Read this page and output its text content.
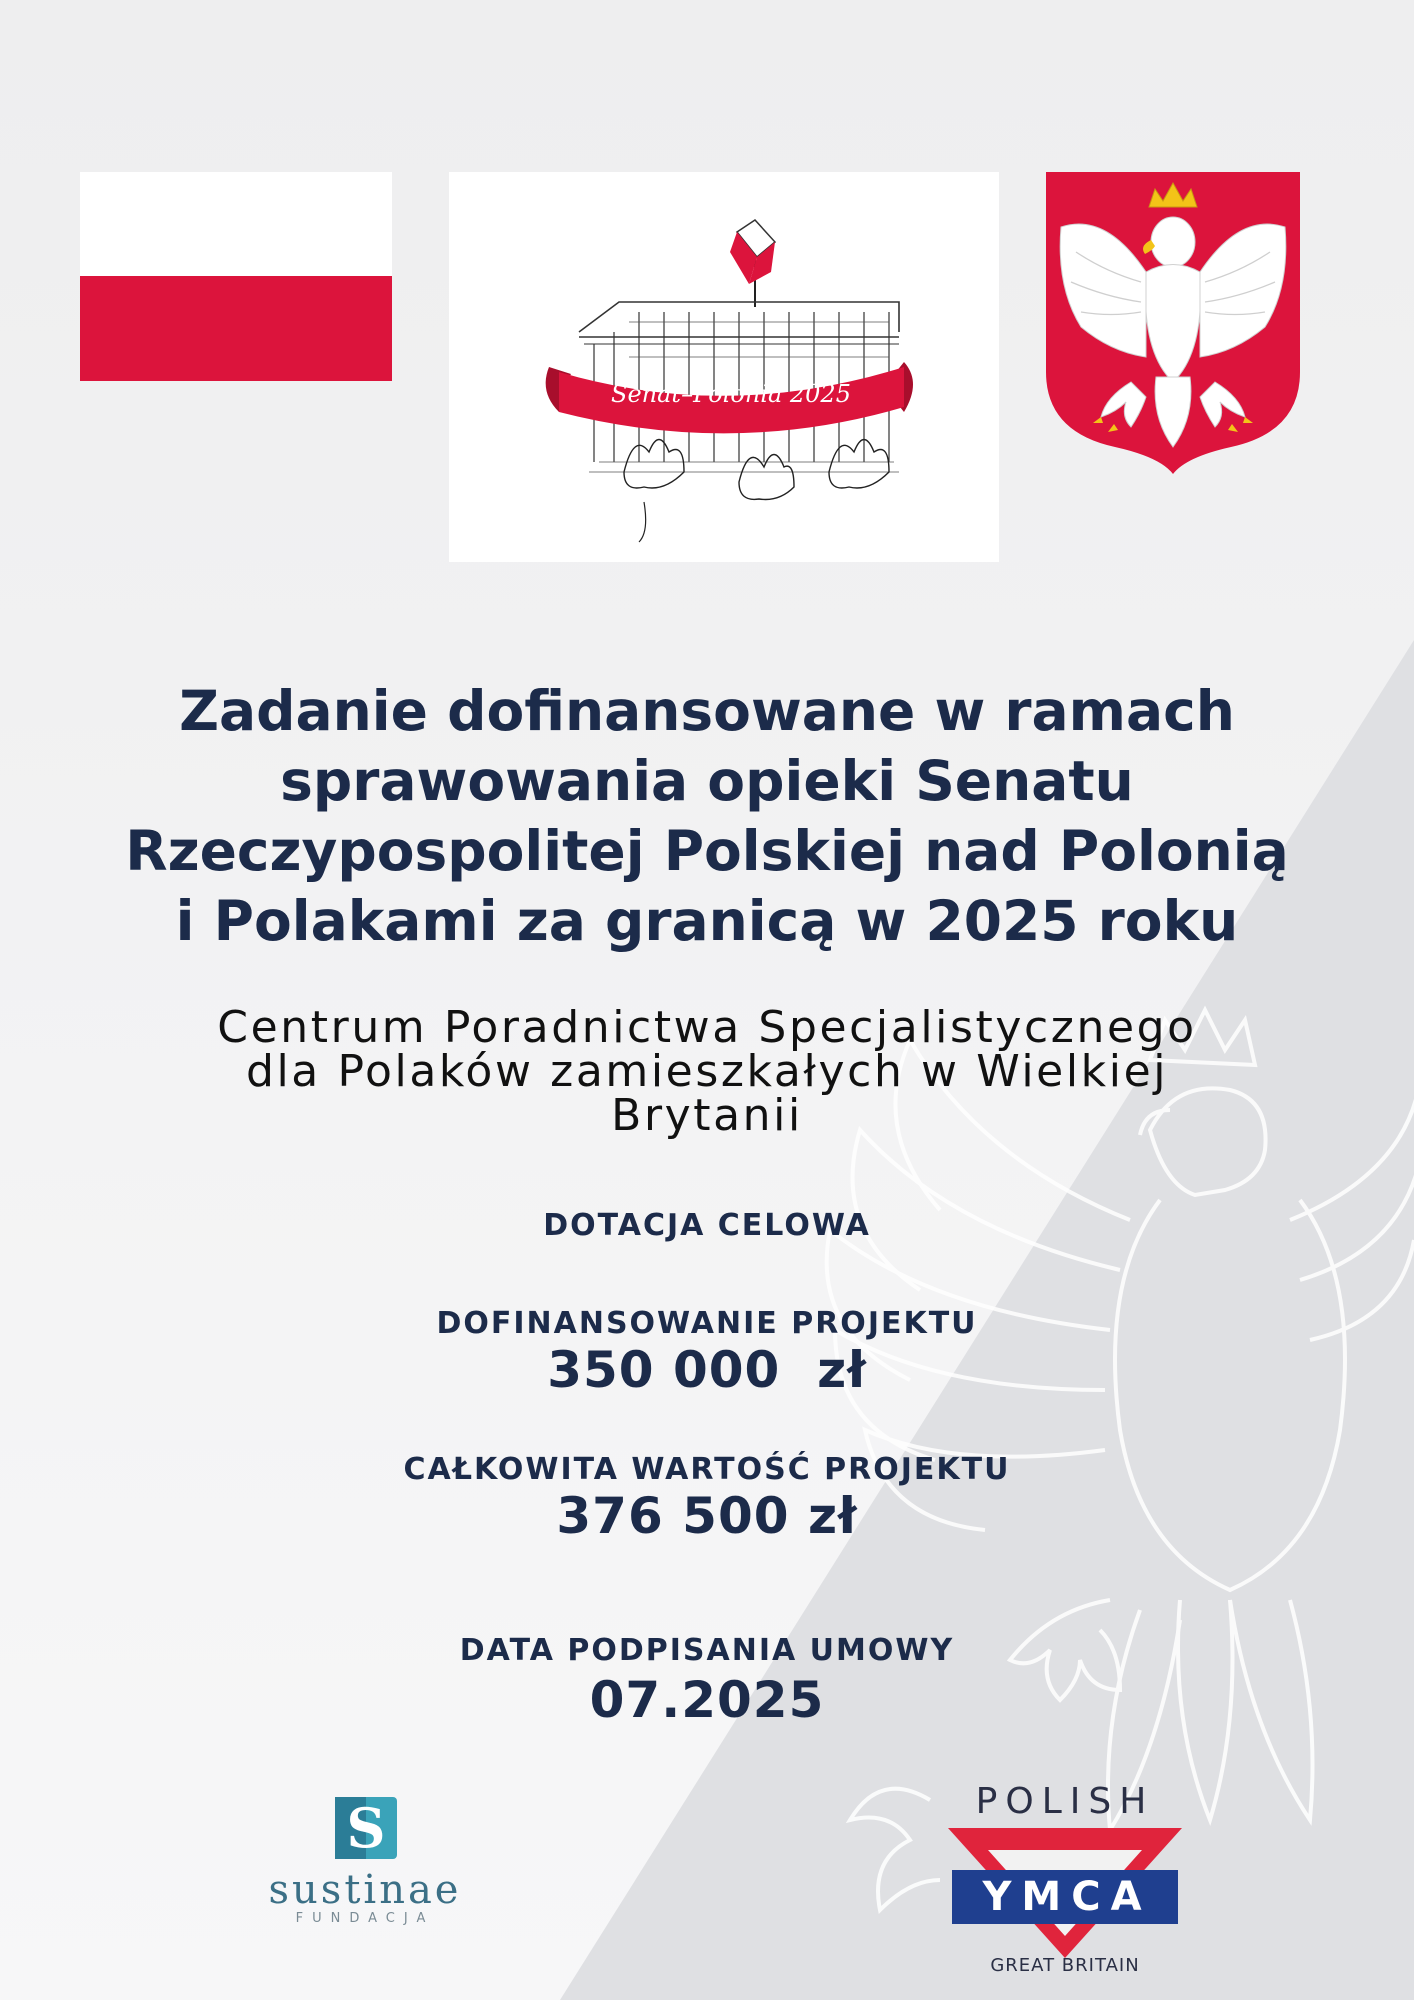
Senat–Polonia 2025
Zadanie dofinansowane w ramach
sprawowania opieki Senatu
Rzeczypospolitej Polskiej nad Polonią
i Polakami za granicą w 2025 roku
Centrum Poradnictwa Specjalistycznego
dla Polaków zamieszkałych w Wielkiej
Brytanii
DOTACJA CELOWA
DOFINANSOWANIE PROJEKTU
350 000  zł
CAŁKOWITA WARTOŚĆ PROJEKTU
376 500 zł
DATA PODPISANIA UMOWY
07.2025
S
sustinae
FUNDACJA
POLISH
YMCA
GREAT BRITAIN
